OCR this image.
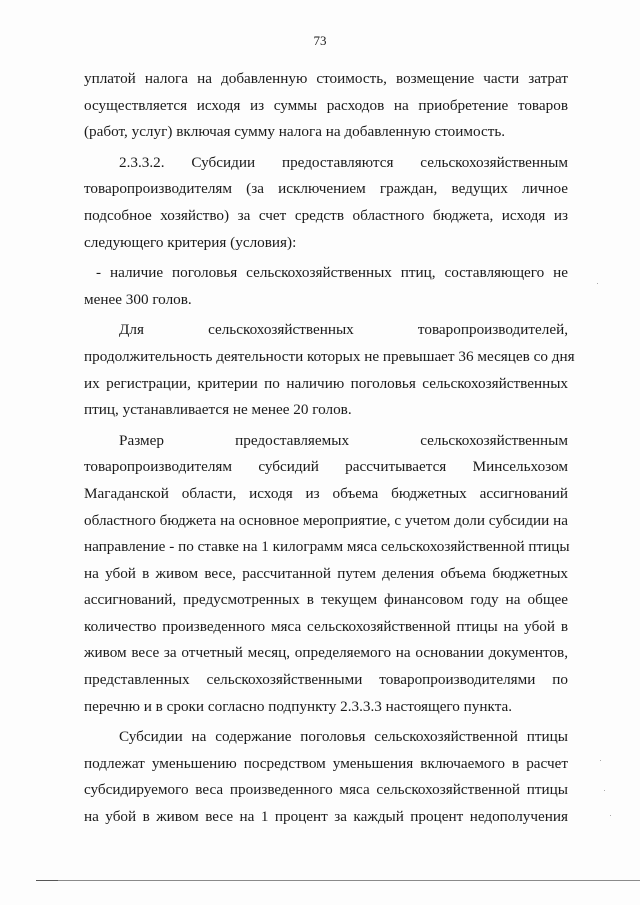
73

уплатой налога на добавленную стоимость, возмещение части затрат
осуществляется исходя из суммы расходов на приобретение товаров
(работ, услуг) включая сумму налога на добавленную стоимость.

2.3.3.2. Субсидии предоставляются сельскохозяйственным
товаропроизводителям (за исключением граждан, ведущих личное
подсобное хозяйство) за счет средств областного бюджета, исходя из
следующего критерия (условия):

- наличие поголовья сельскохозяйственных птиц, составляющего не
менее 300 голов.

Для сельскохозяйственных товаропроизводителей,
продолжительность деятельности которых не превышает 36 месяцев со дня
их регистрации, критерии по наличию поголовья сельскохозяйственных
птиц, устанавливается не менее 20 голов.

Размер предоставляемых сельскохозяйственным
товаропроизводителям субсидий рассчитывается Минсельхозом
Магаданской области, исходя из объема бюджетных ассигнований
областного бюджета на основное мероприятие, с учетом доли субсидии на
направление - по ставке на 1 килограмм мяса сельскохозяйственной птицы
на убой в живом весе, рассчитанной путем деления объема бюджетных
ассигнований, предусмотренных в текущем финансовом году на общее
количество произведенного мяса сельскохозяйственной птицы на убой в
живом весе за отчетный месяц, определяемого на основании документов,
представленных сельскохозяйственными товаропроизводителями по
перечню и в сроки согласно подпункту 2.3.3.3 настоящего пункта.

Субсидии на содержание поголовья сельскохозяйственной птицы
подлежат уменьшению посредством уменьшения включаемого в расчет
субсидируемого веса произведенного мяса сельскохозяйственной птицы
на убой в живом весе на 1 процент за каждый процент недополучения
